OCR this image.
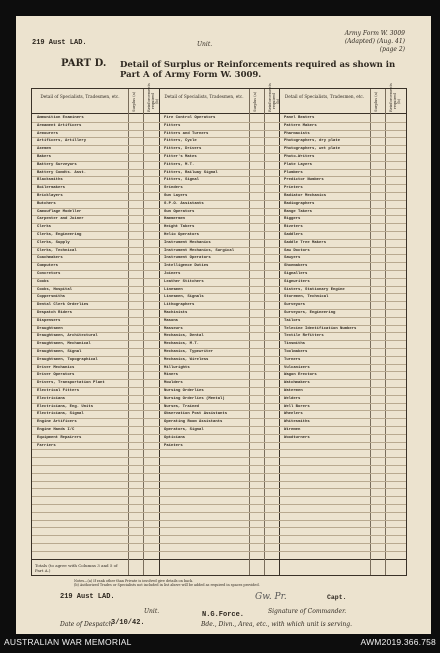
219 Aust LAD.	Unit.
Army Form W. 3009
(Adapted) (Aug. 41)
(page 2)
PART D. Detail of Surplus or Reinforcements required as shown in Part A of Army Form W. 3009.
Detail of Specialists, Tradesmen, etc.	Surplus (a)	Reinforcements required (b)
Ammunition Examiners
Armament Artificers
Armourers
Artificers, Artillery
Axemen
Bakers
Battery Surveyors
Battery Comdts. Asst.
Blacksmiths
Boilermakers
Bricklayers
Butchers
Camouflage Modeller
Carpenter and Joiner
Clerks
Clerks, Engineering
Clerks, Supply
Clerks, Technical
Coachmakers
Computers
Concretors
Cooks
Cooks, Hospital
Coppersmiths
Dental Clerk Orderlies
Despatch Riders
Dispensers
Draughtsmen
Draughtsmen, Architectural
Draughtsmen, Mechanical
Draughtsmen, Signal
Draughtsmen, Topographical
Driver Mechanics
Driver Operators
Drivers, Transportation Plant
Electrical Fitters
Electricians
Electricians, Eng. Units
Electricians, Signal
Engine Artificers
Engine Hands I/C
Equipment Repairers
Farriers
Detail of Specialists, Tradesmen, etc.	Surplus (a)	Reinforcements required (b)
Fire Control Operators
Fitters
Fitters and Turners
Fitters, Cycle
Fitters, Drivers
Fitter's Mates
Fitters, M.T.
Fitters, Railway Signal
Fitters, Signal
Grinders
Gun Layers
G.P.O. Assistants
Gun Operators
Hammermen
Height Takers
Helio Operators
Instrument Mechanics
Instrument Mechanics, Surgical
Instrument Operators
Intelligence Duties
Joiners
Leather Stitchers
Linesmen
Linesmen, Signals
Lithographers
Machinists
Masons
Masseurs
Mechanics, Dental
Mechanics, M.T.
Mechanics, Typewriter
Mechanics, Wireless
Millwrights
Miners
Moulders
Nursing Orderlies
Nursing Orderlies (Mental)
Nurses, Trained
Observation Post Assistants
Operating Room Assistants
Operators, Signal
Opticians
Painters
Detail of Specialists, Tradesmen, etc.	Surplus (a)	Reinforcements required (b)
Panel Beaters
Pattern Makers
Pharmacists
Photographers, dry plate
Photographers, wet plate
Photo-Writers
Plate Layers
Plumbers
Predictor Numbers
Printers
Radiator Mechanics
Radiographers
Range Takers
Riggers
Riveters
Saddlers
Saddle Tree Makers
Saw Doctors
Sawyers
Shoemakers
Signallers
Signwriters
Sisters, Stationary Engine
Storemen, Technical
Surveyors
Surveyors, Engineering
Tailors
Telecine Identification Numbers
Textile Refitters
Tinsmiths
Toolmakers
Turners
Vulcanizers
Wagon Erectors
Watchmakers
Watermen
Welders
Well Borers
Wheelers
Whitesmiths
Wiremen
Woodturners
Totals (to agree with Columns 3 and 5 of Part A.)
Notes—(a) If rank other than Private is involved give details on back.
(b) Authorized Trades or Specialists not included in list above will be added as required in spaces provided.
219 Aust LAD.	Gw. Pr.	Capt.
Unit.	Signature of Commander.
Date of Despatch
3/10/42.
N.G.Force.
Bde., Divn., Area, etc., with which unit is serving.
AUSTRALIAN WAR MEMORIAL	AWM2019.366.758
